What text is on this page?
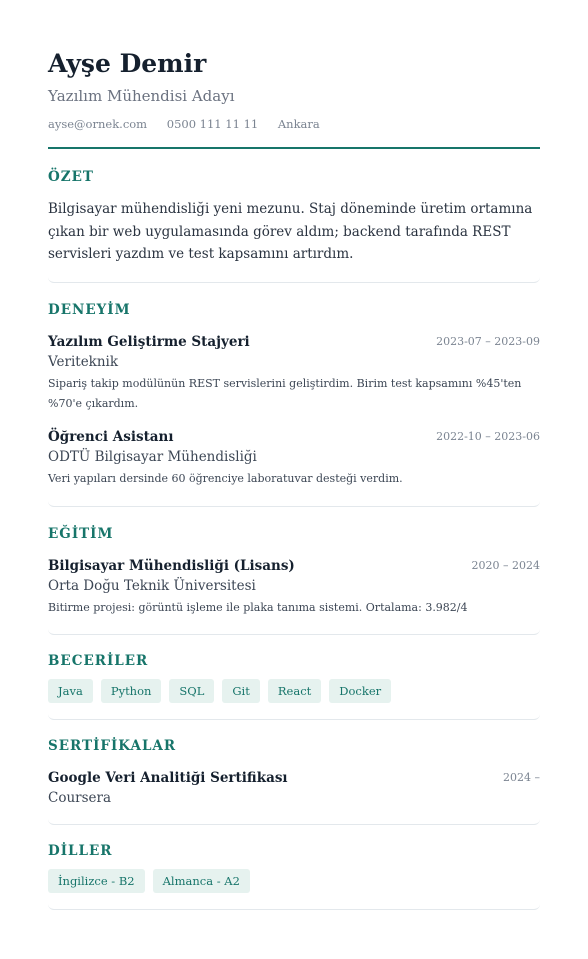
Ayşe Demir
Yazılım Mühendisi Adayı
ayse@ornek.com 0500 111 11 11 Ankara
ÖZET

Bilgisayar mühendisliği yeni mezunu. Staj döneminde üretim ortamına çıkan bir web uygulamasında görev aldım; backend tarafında REST servisleri yazdım ve test kapsamını artırdım.

DENEYİM
Yazılım Geliştirme Stajyeri	2023-07 – 2023-09
Veriteknik

Sipariş takip modülünün REST servislerini geliştirdim. Birim test kapsamını %45'ten %70'e çıkardım.

Öğrenci Asistanı	2022-10 – 2023-06
ODTÜ Bilgisayar Mühendisliği

Veri yapıları dersinde 60 öğrenciye laboratuvar desteği verdim.

EĞİTİM
Bilgisayar Mühendisliği (Lisans)	2020 – 2024
Orta Doğu Teknik Üniversitesi

Bitirme projesi: görüntü işleme ile plaka tanıma sistemi. Ortalama: 3.982/4

BECERİLER
Java	Python	SQL	Git	React	Docker
SERTİFİKALAR
Google Veri Analitiği Sertifikası	2024 –
Coursera
DİLLER
İngilizce - B2	Almanca - A2
